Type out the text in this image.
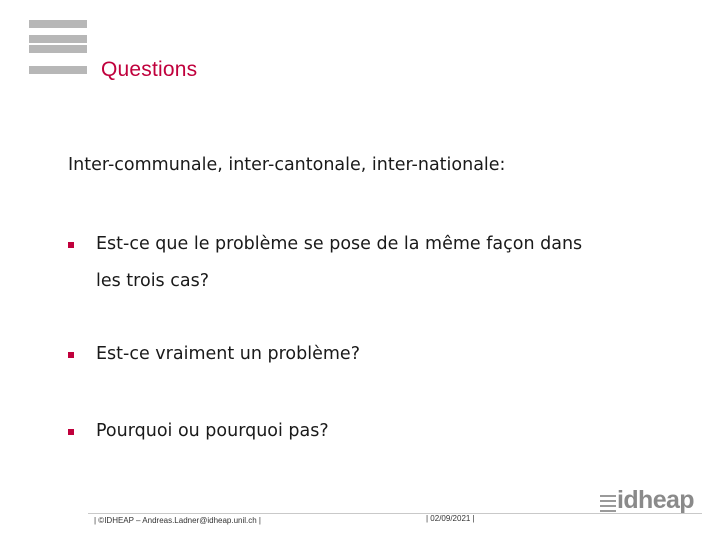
Questions
Inter-communale, inter-cantonale, inter-nationale:
Est-ce que le problème se pose de la même façon dans
les trois cas?
Est-ce vraiment un problème?
Pourquoi ou pourquoi pas?
| ©IDHEAP – Andreas.Ladner@idheap.unil.ch |	| 02/09/2021 |
idheap
